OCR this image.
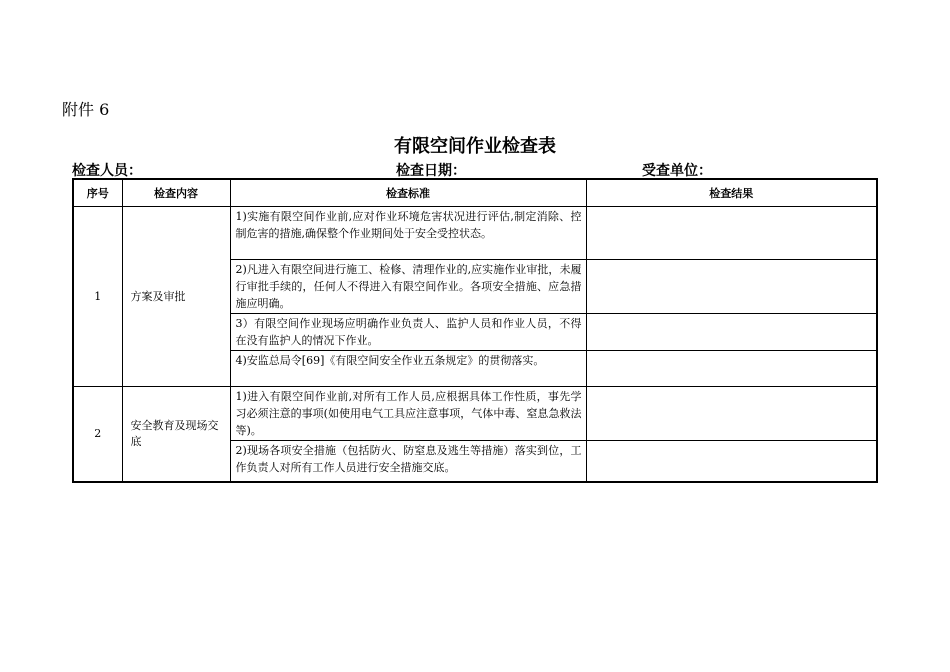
附件 6
有限空间作业检查表
检查人员：	检查日期：	受查单位：
序号	检查内容	检查标准	检查结果
1	方案及审批	1)实施有限空间作业前,应对作业环境危害状况进行评估,制定消除、控制危害的措施,确保整个作业期间处于安全受控状态。	
		2)凡进入有限空间进行施工、检修、清理作业的,应实施作业审批，未履行审批手续的，任何人不得进入有限空间作业。各项安全措施、应急措施应明确。	
		3）有限空间作业现场应明确作业负责人、监护人员和作业人员，不得在没有监护人的情况下作业。	
		4)安监总局令[69]《有限空间安全作业五条规定》的贯彻落实。	
2	安全教育及现场交底	1)进入有限空间作业前,对所有工作人员,应根据具体工作性质，事先学习必须注意的事项(如使用电气工具应注意事项，气体中毒、窒息急救法等)。	
		2)现场各项安全措施（包括防火、防窒息及逃生等措施）落实到位，工作负责人对所有工作人员进行安全措施交底。	
